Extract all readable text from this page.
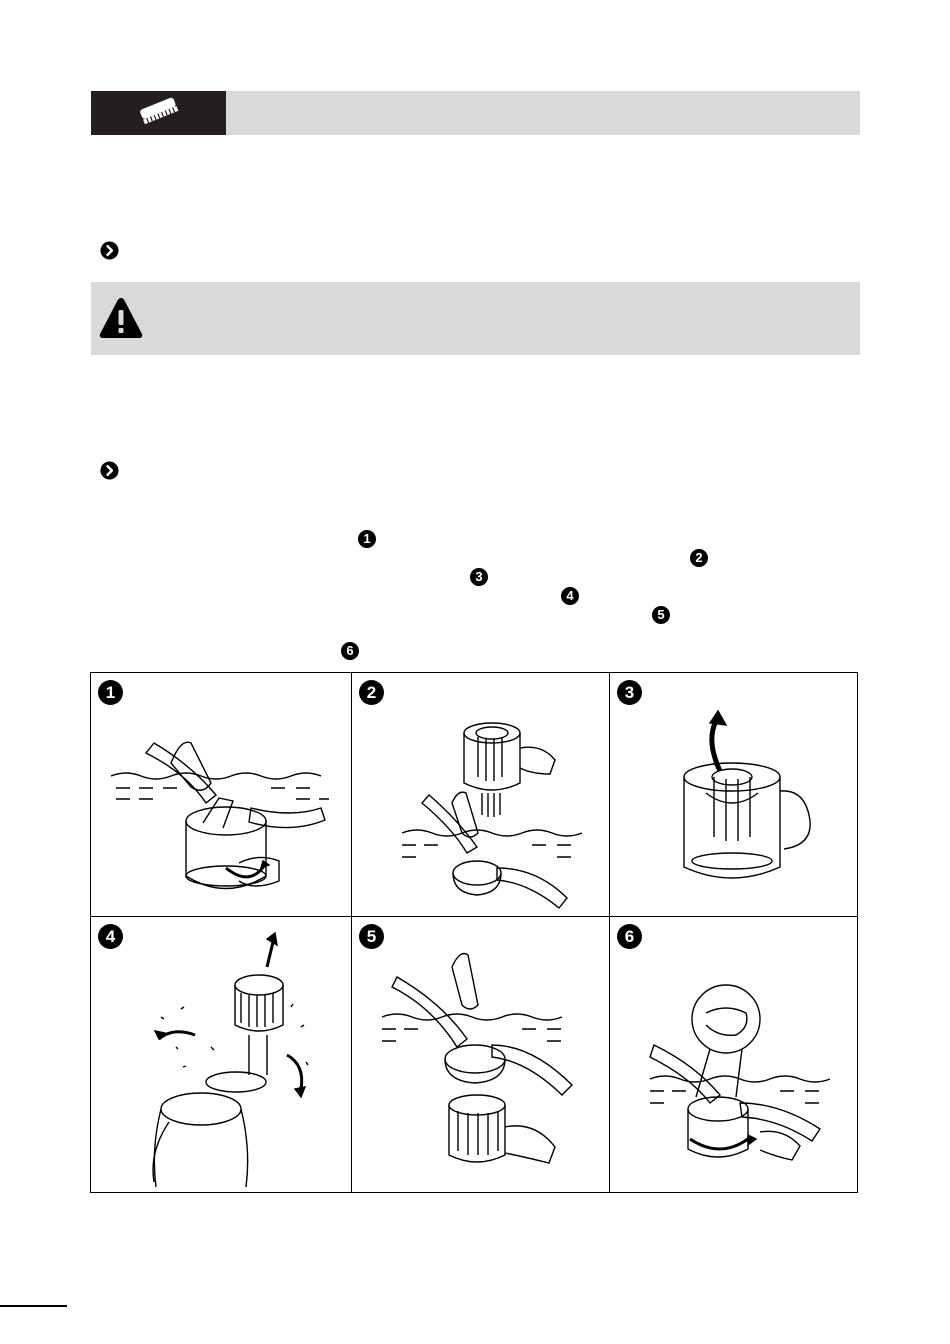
1
2
3
4
5
6
1	2	3
4	5	6
